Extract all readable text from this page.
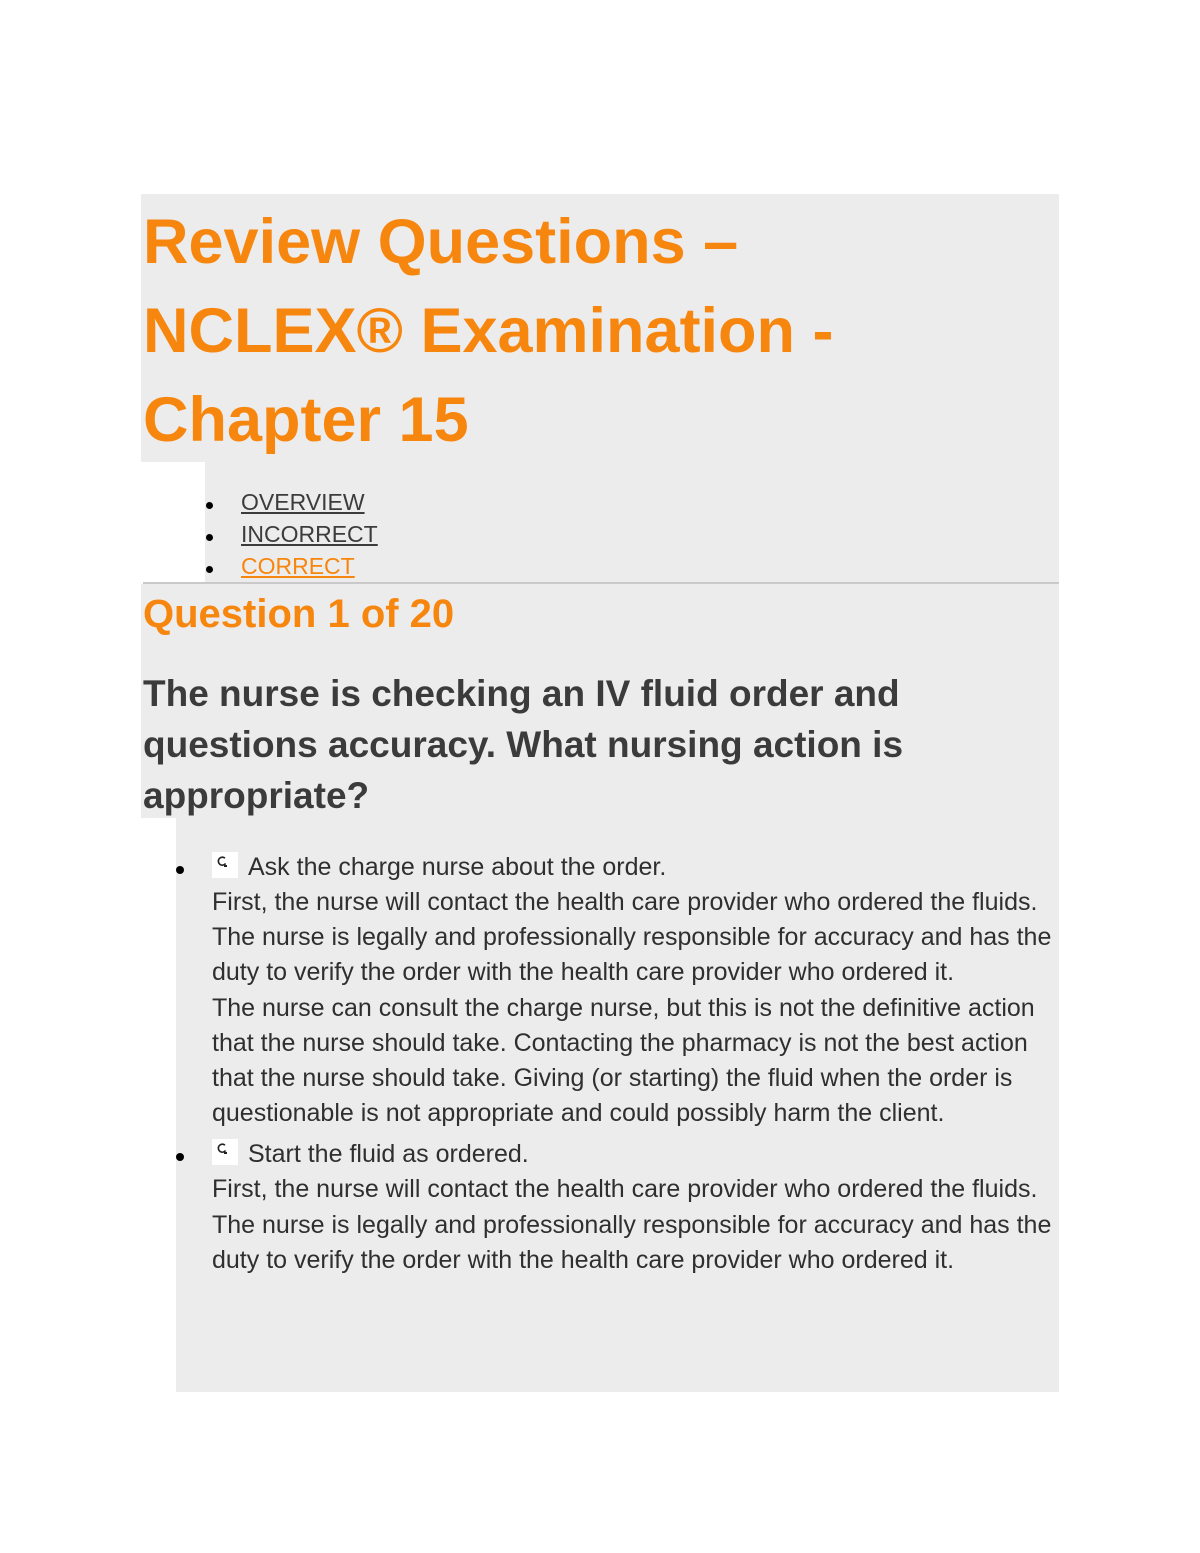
Review Questions –
NCLEX® Examination -
Chapter 15
OVERVIEW
INCORRECT
CORRECT
Question 1 of 20
The nurse is checking an IV fluid order and questions accuracy. What nursing action is appropriate?
Ask the charge nurse about the order.

First, the nurse will contact the health care provider who ordered the fluids. The nurse is legally and professionally responsible for accuracy and has the duty to verify the order with the health care provider who ordered it.

The nurse can consult the charge nurse, but this is not the definitive action that the nurse should take. Contacting the pharmacy is not the best action that the nurse should take. Giving (or starting) the fluid when the order is questionable is not appropriate and could possibly harm the client.

Start the fluid as ordered.

First, the nurse will contact the health care provider who ordered the fluids. The nurse is legally and professionally responsible for accuracy and has the duty to verify the order with the health care provider who ordered it.
